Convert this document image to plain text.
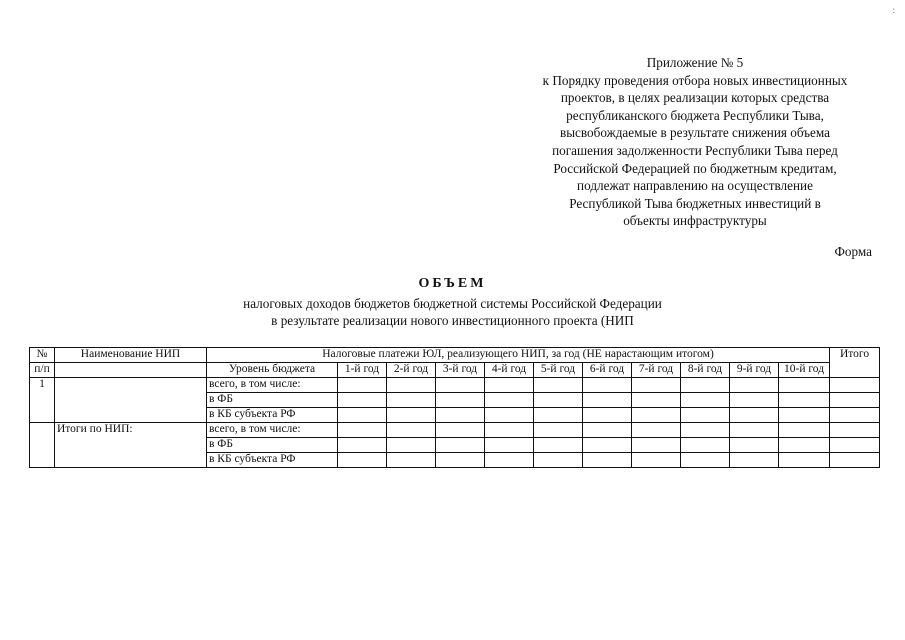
:
Приложение № 5
к Порядку проведения отбора новых инвестиционных
проектов, в целях реализации которых средства
республиканского бюджета Республики Тыва,
высвобождаемые в результате снижения объема
погашения задолженности Республики Тыва перед
Российской Федерацией по бюджетным кредитам,
подлежат направлению на осуществление
Республикой Тыва бюджетных инвестиций в
объекты инфраструктуры
Форма
ОБЪЕМ
налоговых доходов бюджетов бюджетной системы Российской Федерации
в результате реализации нового инвестиционного проекта (НИП
№	Наименование НИП	Налоговые платежи ЮЛ, реализующего НИП, за год (НЕ нарастающим итогом)											Итого
п/п		Уровень бюджета	1-й год	2-й год	3-й год	4-й год	5-й год	6-й год	7-й год	8-й год	9-й год	10-й год	
1		всего, в том числе:											
		в ФБ											
		в КБ субъекта РФ											
	Итоги по НИП:	всего, в том числе:											
		в ФБ											
		в КБ субъекта РФ											
